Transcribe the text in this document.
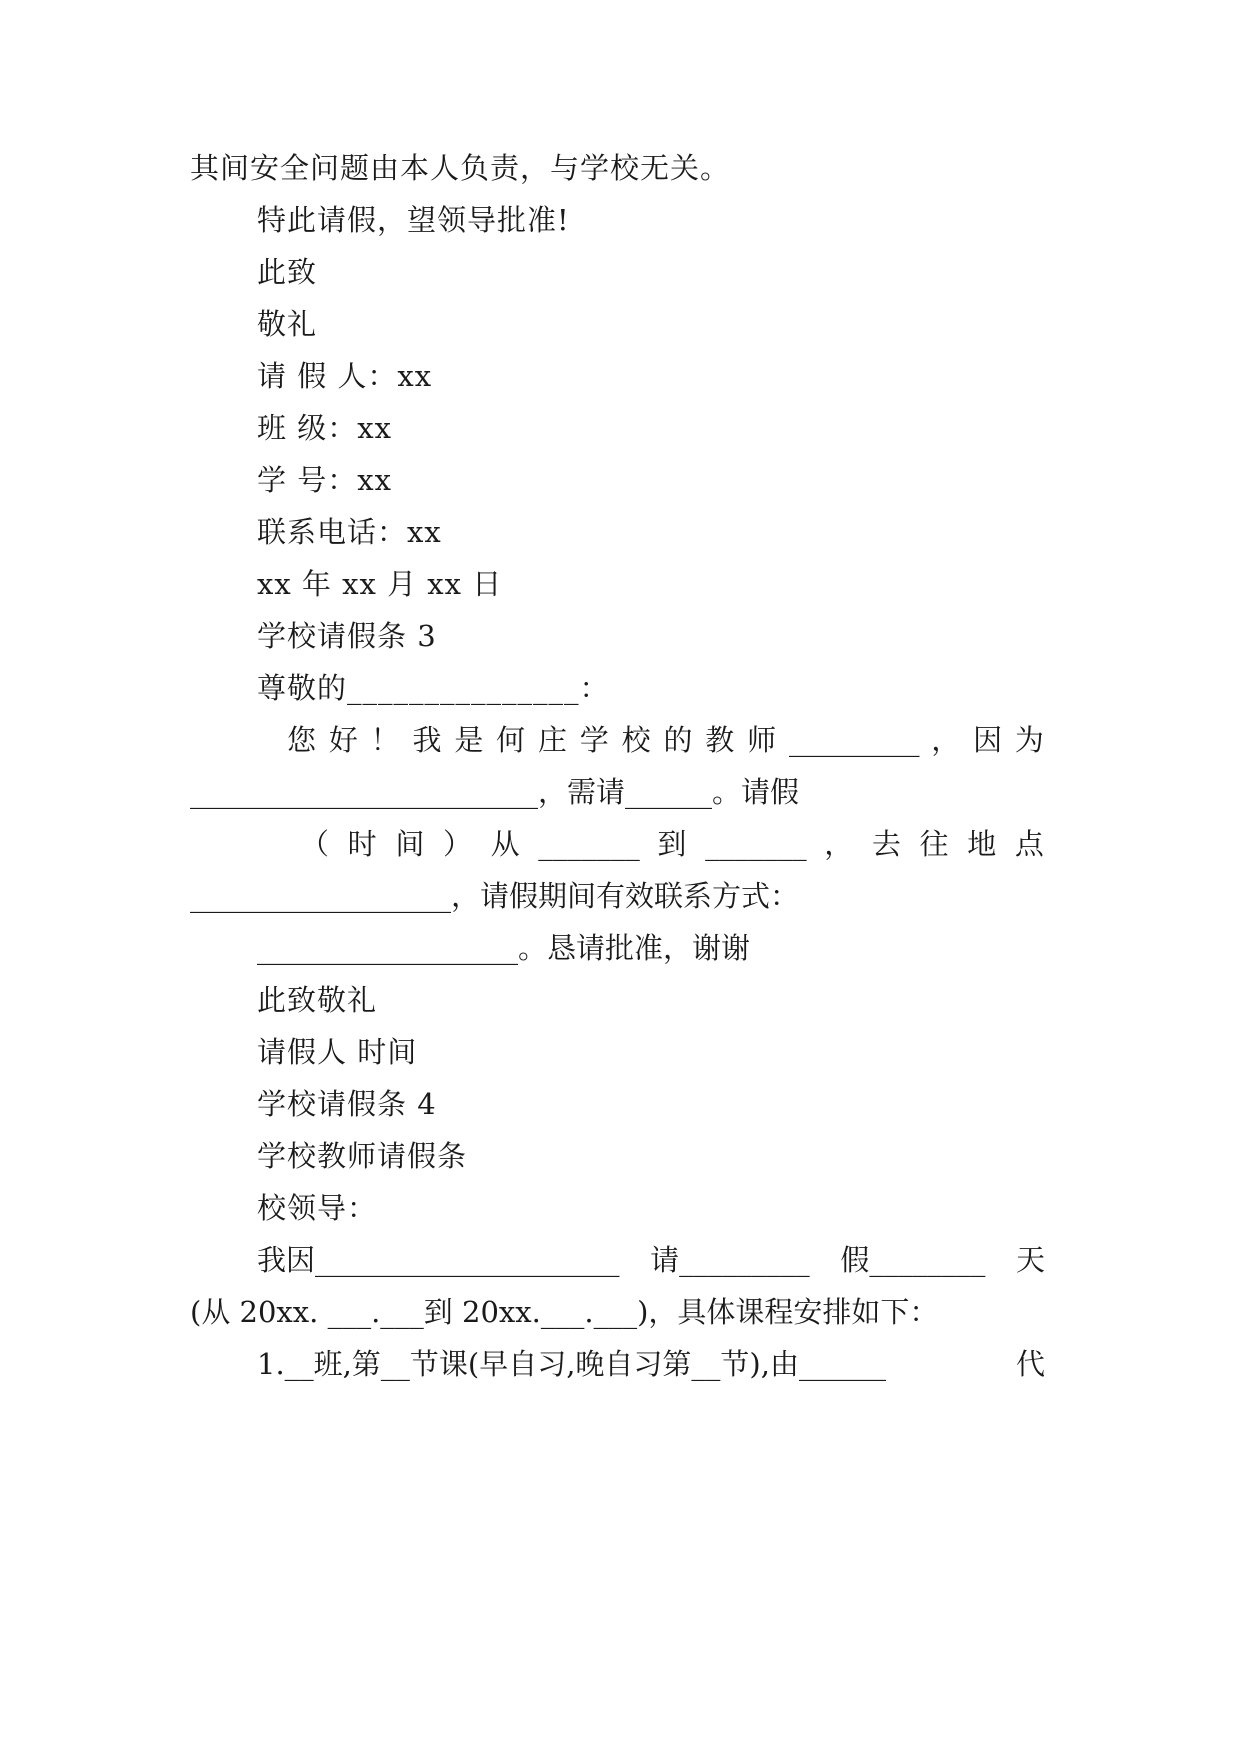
其间安全问题由本人负责，与学校无关。
特此请假，望领导批准!
此致
敬礼
请 假 人：xx
班 级：xx
学 号：xx
联系电话：xx
xx 年 xx 月 xx 日
学校请假条 3
尊敬的_______________：
您 好 ！ 我 是 何 庄 学 校 的 教 师 _________ ， 因 为
________________________，需请______。请假
（ 时 间 ） 从 _______ 到 _______ ， 去 往 地 点
__________________，请假期间有效联系方式：
__________________。恳请批准，谢谢
此致敬礼
请假人 时间
学校请假条 4
学校教师请假条
校领导：
我因_____________________ 请_________ 假________ 天
(从 20xx. ___.___到 20xx.___.___)，具体课程安排如下：
1.__班,第__节课(早自习,晚自习第__节),由______	代
